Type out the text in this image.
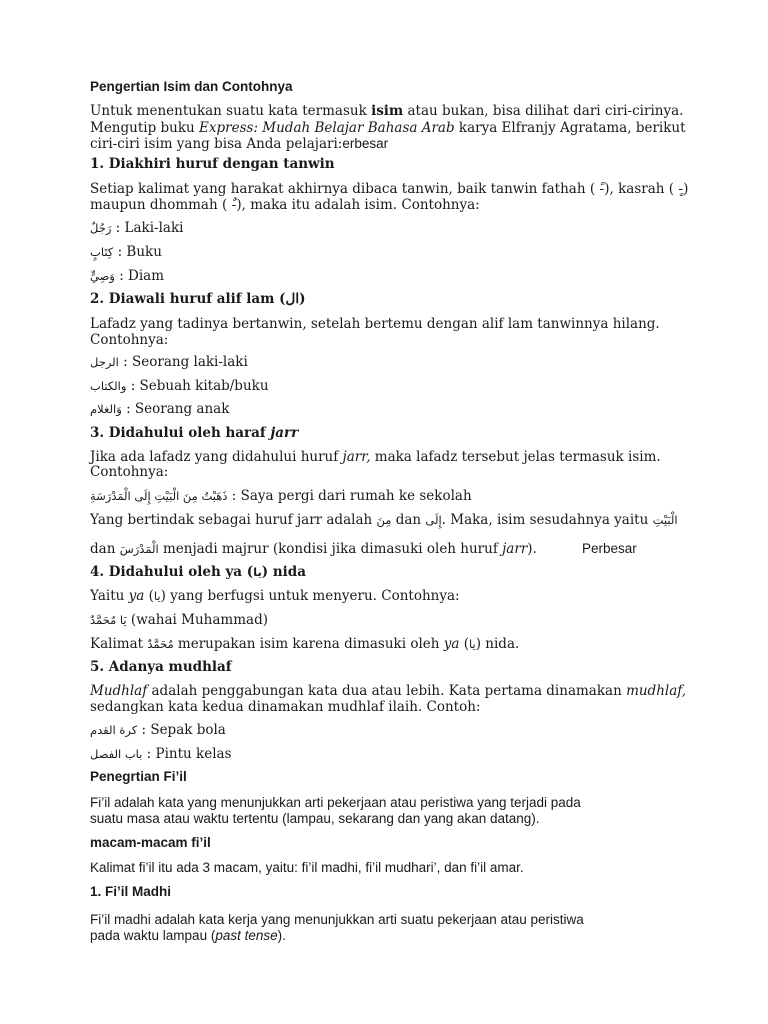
Pengertian Isim dan Contohnya
Untuk menentukan suatu kata termasuk isim atau bukan, bisa dilihat dari ciri-cirinya.
Mengutip buku Express: Mudah Belajar Bahasa Arab karya Elfranjy Agratama, berikut
ciri-ciri isim yang bisa Anda pelajari:erbesar
1. Diakhiri huruf dengan tanwin
Setiap kalimat yang harakat akhirnya dibaca tanwin, baik tanwin fathah ( -ً), kasrah ( -ٍ)
maupun dhommah ( -ٌ), maka itu adalah isim. Contohnya:
رَجُلٌ : Laki-laki
كِتَابٍ : Buku
وَصِيٍّ : Diam
2. Diawali huruf alif lam (ال)
Lafadz yang tadinya bertanwin, setelah bertemu dengan alif lam tanwinnya hilang.
Contohnya:
الرجل : Seorang laki-laki
والكتاب : Sebuah kitab/buku
وَالغلام : Seorang anak
3. Didahului oleh haraf jarr
Jika ada lafadz yang didahului huruf jarr, maka lafadz tersebut jelas termasuk isim.
Contohnya:
ذَهَبْتُ مِنَ الْبَيْتِ إِلَى الْمَدْرَسَةِ : Saya pergi dari rumah ke sekolah
Yang bertindak sebagai huruf jarr adalah مِنَ dan إِلَى. Maka, isim sesudahnya yaitu الْبَيْتِ
dan الْمَدْرَسَ menjadi majrur (kondisi jika dimasuki oleh huruf jarr).	Perbesar
4. Didahului oleh ya (يا) nida
Yaitu ya (يا) yang berfugsi untuk menyeru. Contohnya:
يَا مُحَمَّدٌ (wahai Muhammad)
Kalimat مُحَمَّدٌ merupakan isim karena dimasuki oleh ya (يا) nida.
5. Adanya mudhlaf
Mudhlaf adalah penggabungan kata dua atau lebih. Kata pertama dinamakan mudhlaf,
sedangkan kata kedua dinamakan mudhlaf ilaih. Contoh:
كرة القدم : Sepak bola
باب الفصل : Pintu kelas
Penegrtian Fi’il
Fi’il adalah kata yang menunjukkan arti pekerjaan atau peristiwa yang terjadi pada
suatu masa atau waktu tertentu (lampau, sekarang dan yang akan datang).
macam-macam fi’il
Kalimat fi’il itu ada 3 macam, yaitu: fi’il madhi, fi’il mudhari’, dan fi’il amar.
1. Fi’il Madhi
Fi’il madhi adalah kata kerja yang menunjukkan arti suatu pekerjaan atau peristiwa
pada waktu lampau (past tense).
